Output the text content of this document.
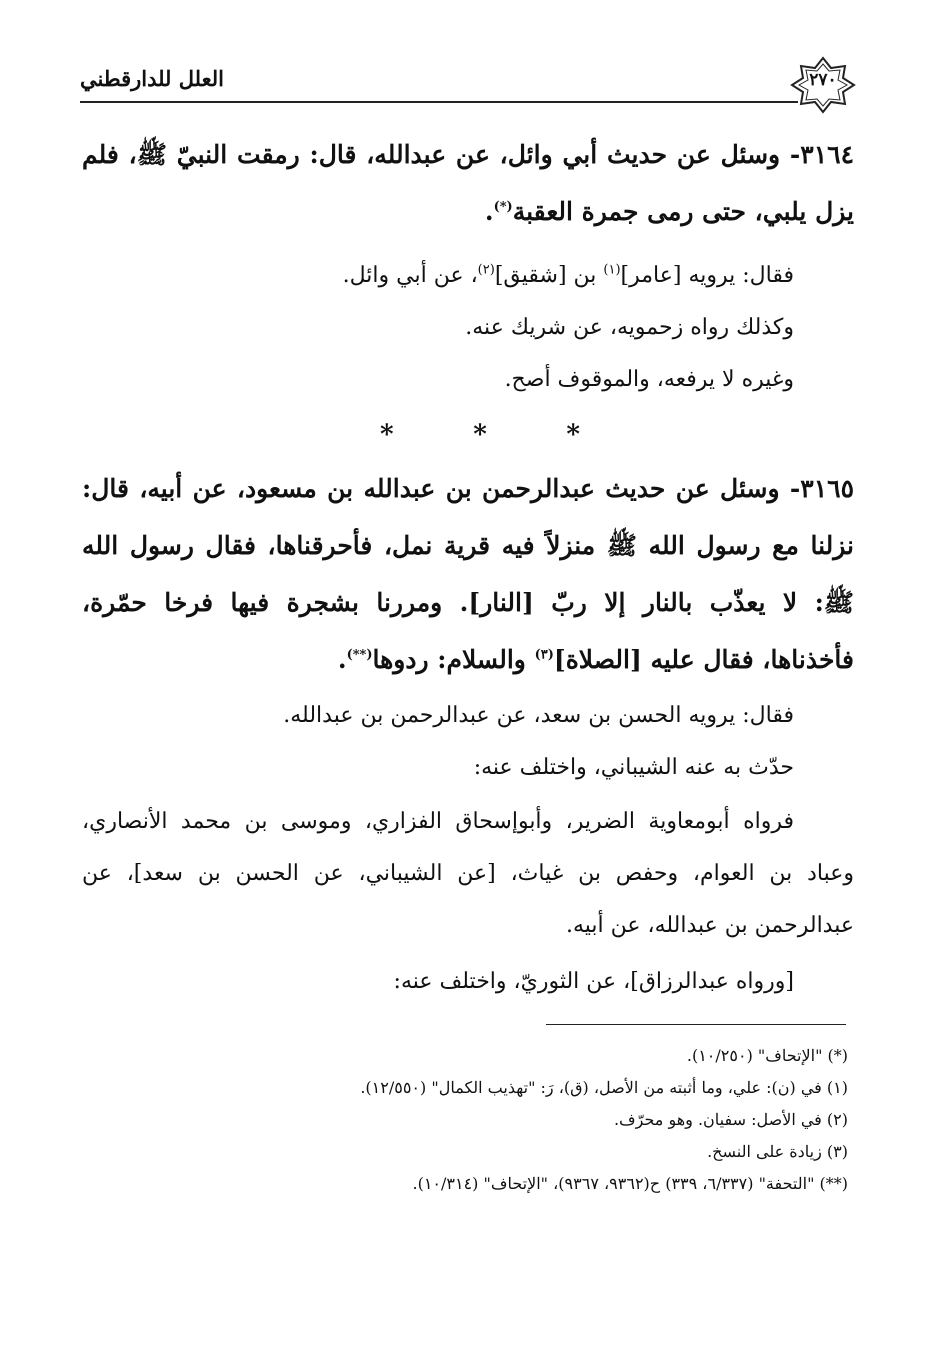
العلل للدارقطني	٢٧٠
٣١٦٤- وسئل عن حديث أبي وائل، عن عبدالله، قال: رمقت النبيّ ﷺ، فلم يزل يلبي، حتى رمى جمرة العقبة(*).
فقال: يرويه [عامر]$^{(١)}$ بن [شقيق]$^{(٢)}$، عن أبي وائل.
وكذلك رواه زحمويه، عن شريك عنه.
وغيره لا يرفعه، والموقوف أصح.
*
*
*
٣١٦٥- وسئل عن حديث عبدالرحمن بن عبدالله بن مسعود، عن أبيه، قال: نزلنا مع رسول الله ﷺ منزلاً فيه قرية نمل، فأحرقناها، فقال رسول الله ﷺ: لا يعذّب بالنار إلا ربّ [النار]. ومررنا بشجرة فيها فرخا حمّرة، فأخذناها، فقال عليه [الصلاة]$^{(٣)}$ والسلام: ردوها(**).
فقال: يرويه الحسن بن سعد، عن عبدالرحمن بن عبدالله.
حدّث به عنه الشيباني، واختلف عنه:
فرواه أبومعاوية الضرير، وأبوإسحاق الفزاري، وموسى بن محمد الأنصاري، وعباد بن العوام، وحفص بن غياث، [عن الشيباني، عن الحسن بن سعد]، عن عبدالرحمن بن عبدالله، عن أبيه.
[ورواه عبدالرزاق]، عن الثوريّ، واختلف عنه:
(*) "الإتحاف" (١٠/٢٥٠).
(١) في (ن): علي، وما أثبته من الأصل، (ق)، رَ: "تهذيب الكمال" (١٢/٥٥٠).
(٢) في الأصل: سفيان. وهو محرّف.
(٣) زيادة على النسخ.
(**) "التحفة" (٦/٣٣٧، ٣٣٩) ح(٩٣٦٢، ٩٣٦٧)، "الإتحاف" (١٠/٣١٤).
